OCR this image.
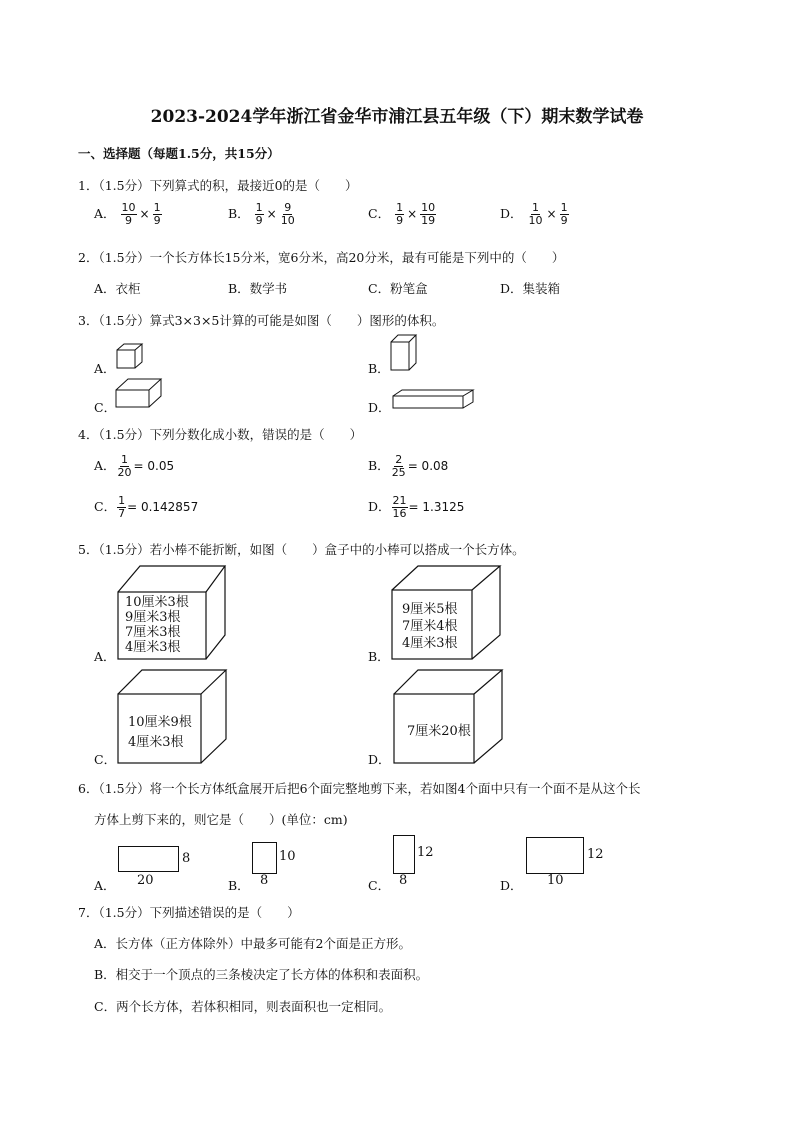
2023-2024学年浙江省金华市浦江县五年级（下）期末数学试卷
一、选择题（每题1.5分，共15分）
1．（1.5分）下列算式的积，最接近0的是（　　）
A． $\frac{10}{9} \times \frac{1}{9}$	B． $\frac{1}{9} \times \frac{9}{10}$	C． $\frac{1}{9} \times \frac{10}{19}$	D． $\frac{1}{10} \times \frac{1}{9}$
2．（1.5分）一个长方体长15分米，宽6分米，高20分米，最有可能是下列中的（　　）
A．衣柜	B．数学书	C．粉笔盒	D．集装箱
3．（1.5分）算式3×3×5计算的可能是如图（　　）图形的体积。
A．	B．
C．	D．
4．（1.5分）下列分数化成小数，错误的是（　　）
A． $\frac{1}{20} = 0.05$	B． $\frac{2}{25} = 0.08$
C． $\frac{1}{7} = 0.142857$	D． $\frac{21}{16} = 1.3125$
5．（1.5分）若小棒不能折断，如图（　　）盒子中的小棒可以搭成一个长方体。
A．
10厘米3根
9厘米3根
7厘米3根
4厘米3根
B．
9厘米5根
7厘米4根
4厘米3根
C．
10厘米9根
4厘米3根
D．
7厘米20根
6．（1.5分）将一个长方体纸盒展开后把6个面完整地剪下来，若如图4个面中只有一个面不是从这个长
方体上剪下来的，则它是（　　）(单位：cm)
A．
8
20	B．
10
8	C．
12
8	D．
12
10
7．（1.5分）下列描述错误的是（　　）
A．长方体（正方体除外）中最多可能有2个面是正方形。
B．相交于一个顶点的三条棱决定了长方体的体积和表面积。
C．两个长方体，若体积相同，则表面积也一定相同。
